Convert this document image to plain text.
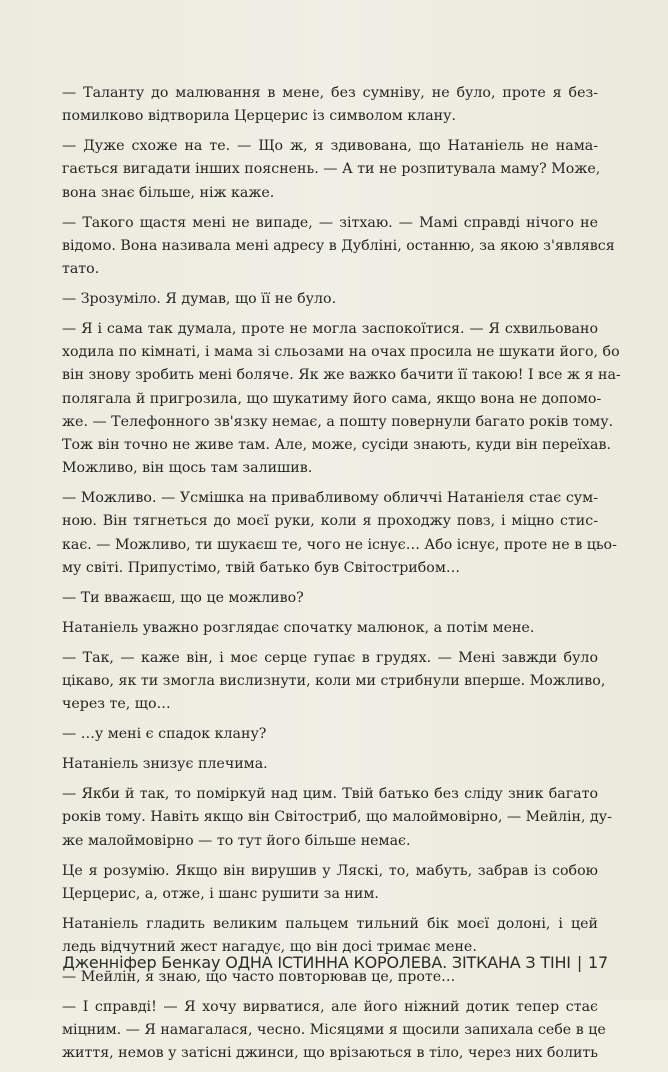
— Таланту до малювання в мене, без сумніву, не було, проте я без-
помилково відтворила Церцерис із символом клану.

— Дуже схоже на те. — Що ж, я здивована, що Натаніель не нама-
гається вигадати інших пояснень. — А ти не розпитувала маму? Може,
вона знає більше, ніж каже.

— Такого щастя мені не випаде, — зітхаю. — Мамі справді нічого не
відомо. Вона називала мені адресу в Дубліні, останню, за якою з'являвся
тато.

— Зрозуміло. Я думав, що її не було.

— Я і сама так думала, проте не могла заспокоїтися. — Я схвильовано
ходила по кімнаті, і мама зі сльозами на очах просила не шукати його, бо
він знову зробить мені боляче. Як же важко бачити її такою! І все ж я на-
полягала й пригрозила, що шукатиму його сама, якщо вона не допомо-
же. — Телефонного зв'язку немає, а пошту повернули багато років тому.
Тож він точно не живе там. Але, може, сусіди знають, куди він переїхав.
Можливо, він щось там залишив.

— Можливо. — Усмішка на привабливому обличчі Натаніеля стає сум-
ною. Він тягнеться до моєї руки, коли я проходжу повз, і міцно стис-
кає. — Можливо, ти шукаєш те, чого не існує… Або існує, проте не в цьо-
му світі. Припустімо, твій батько був Світострибом…

— Ти вважаєш, що це можливо?

Натаніель уважно розглядає спочатку малюнок, а потім мене.

— Так, — каже він, і моє серце гупає в грудях. — Мені завжди було
цікаво, як ти змогла вислизнути, коли ми стрибнули вперше. Можливо,
через те, що…

— …у мені є спадок клану?

Натаніель знизує плечима.

— Якби й так, то поміркуй над цим. Твій батько без сліду зник багато
років тому. Навіть якщо він Світостриб, що малоймовірно, — Мейлін, ду-
же малоймовірно — то тут його більше немає.

Це я розумію. Якщо він вирушив у Ляскі, то, мабуть, забрав із собою
Церцерис, а, отже, і шанс рушити за ним.

Натаніель гладить великим пальцем тильний бік моєї долоні, і цей
ледь відчутний жест нагадує, що він досі тримає мене.

— Мейлін, я знаю, що часто повторював це, проте…

— І справді! — Я хочу вирватися, але його ніжний дотик тепер стає
міцним. — Я намагалася, чесно. Місяцями я щосили запихала себе в це
життя, немов у затісні джинси, що врізаються в тіло, через них болить

Дженніфер Бенкау ОДНА ІСТИННА КОРОЛЕВА. ЗІТКАНА З ТІНІ | 17
